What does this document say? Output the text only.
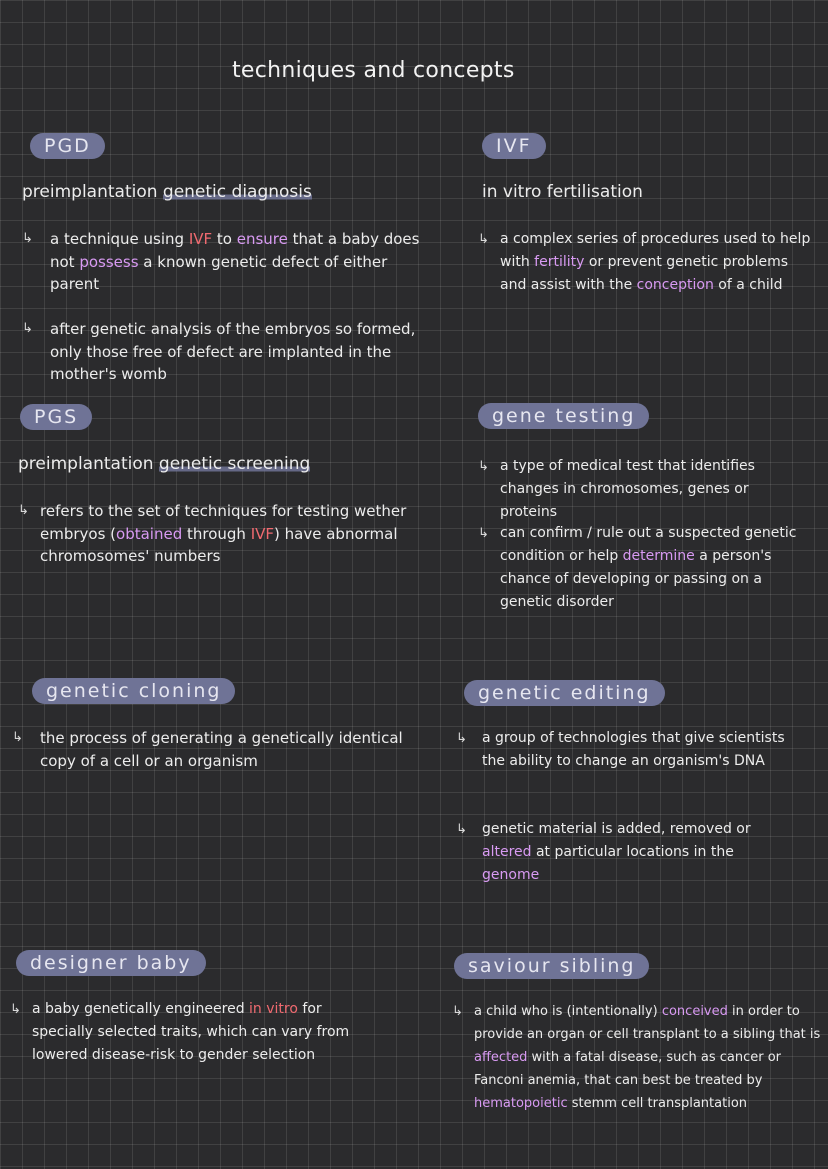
techniques and concepts
PGD
preimplantation genetic diagnosis
↳	a technique using IVF to ensure that a baby does not possess a known genetic defect of either parent
↳	after genetic analysis of the embryos so formed, only those free of defect are implanted in the mother's womb
IVF
in vitro fertilisation
↳ a complex series of procedures used to help with fertility or prevent genetic problems and assist with the conception of a child
PGS
preimplantation genetic screening
↳ refers to the set of techniques for testing wether embryos (obtained through IVF) have abnormal chromosomes' numbers
gene testing
↳ a type of medical test that identifies changes in chromosomes, genes or proteins
↳ can confirm / rule out a suspected genetic condition or help determine a person's chance of developing or passing on a genetic disorder
genetic cloning
↳	the process of generating a genetically identical copy of a cell or an organism
genetic editing
↳	a group of technologies that give scientists the ability to change an organism's DNA
↳	genetic material is added, removed or altered at particular locations in the genome
designer baby
↳ a baby genetically engineered in vitro for specially selected traits, which can vary from lowered disease-risk to gender selection
saviour sibling
↳ a child who is (intentionally) conceived in order to provide an organ or cell transplant to a sibling that is affected with a fatal disease, such as cancer or Fanconi anemia, that can best be treated by hematopoietic stemm cell transplantation
